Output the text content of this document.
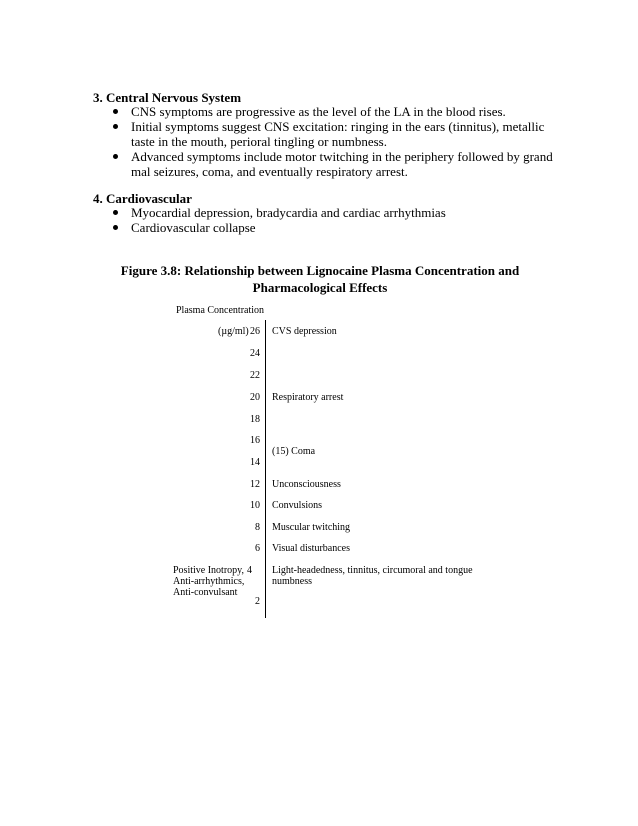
3. Central Nervous System
CNS symptoms are progressive as the level of the LA in the blood rises.
Initial symptoms suggest CNS excitation: ringing in the ears (tinnitus), metallic taste in the mouth, perioral tingling or numbness.
Advanced symptoms include motor twitching in the periphery followed by grand mal seizures, coma, and eventually respiratory arrest.
4. Cardiovascular
Myocardial depression, bradycardia and cardiac arrhythmias
Cardiovascular collapse

Figure 3.8: Relationship between Lignocaine Plasma Concentration and
Pharmacological Effects

Plasma Concentration
(µg/ml) 26
24
22
20
18
16
14
12
10
8
6
4
2
CVS depression
Respiratory arrest
(15) Coma
Unconsciousness
Convulsions
Muscular twitching
Visual disturbances
Light-headedness, tinnitus, circumoral and tongue
numbness
Positive Inotropy,
Anti-arrhythmics,
Anti-convulsant
